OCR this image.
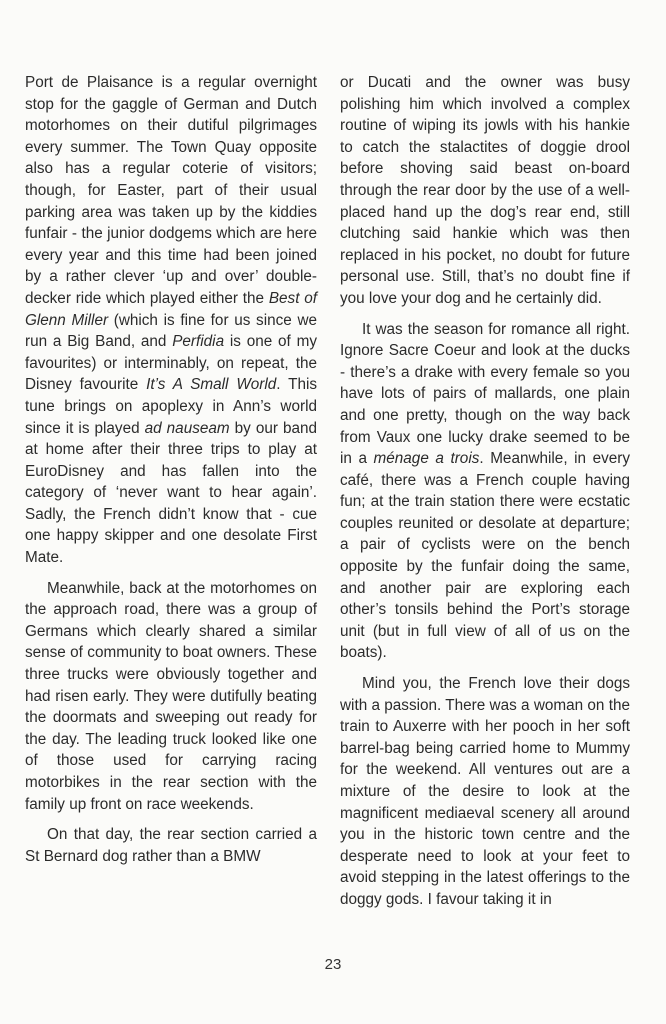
Port de Plaisance is a regular overnight stop for the gaggle of German and Dutch motorhomes on their dutiful pilgrimages every summer. The Town Quay opposite also has a regular coterie of visitors; though, for Easter, part of their usual parking area was taken up by the kiddies funfair - the junior dodgems which are here every year and this time had been joined by a rather clever ‘up and over’ double-decker ride which played either the Best of Glenn Miller (which is fine for us since we run a Big Band, and Perfidia is one of my favourites) or interminably, on repeat, the Disney favourite It’s A Small World. This tune brings on apoplexy in Ann’s world since it is played ad nauseam by our band at home after their three trips to play at EuroDisney and has fallen into the category of ‘never want to hear again’. Sadly, the French didn’t know that - cue one happy skipper and one desolate First Mate.

Meanwhile, back at the motorhomes on the approach road, there was a group of Germans which clearly shared a similar sense of community to boat owners. These three trucks were obviously together and had risen early. They were dutifully beating the doormats and sweeping out ready for the day. The leading truck looked like one of those used for carrying racing motorbikes in the rear section with the family up front on race weekends.

On that day, the rear section carried a St Bernard dog rather than a BMW

or Ducati and the owner was busy polishing him which involved a complex routine of wiping its jowls with his hankie to catch the stalactites of doggie drool before shoving said beast on-board through the rear door by the use of a well-placed hand up the dog’s rear end, still clutching said hankie which was then replaced in his pocket, no doubt for future personal use. Still, that’s no doubt fine if you love your dog and he certainly did.

It was the season for romance all right. Ignore Sacre Coeur and look at the ducks - there’s a drake with every female so you have lots of pairs of mallards, one plain and one pretty, though on the way back from Vaux one lucky drake seemed to be in a ménage a trois. Meanwhile, in every café, there was a French couple having fun; at the train station there were ecstatic couples reunited or desolate at departure; a pair of cyclists were on the bench opposite by the funfair doing the same, and another pair are exploring each other’s tonsils behind the Port’s storage unit (but in full view of all of us on the boats).

Mind you, the French love their dogs with a passion. There was a woman on the train to Auxerre with her pooch in her soft barrel-bag being carried home to Mummy for the weekend. All ventures out are a mixture of the desire to look at the magnificent mediaeval scenery all around you in the historic town centre and the desperate need to look at your feet to avoid stepping in the latest offerings to the doggy gods. I favour taking it in

23
